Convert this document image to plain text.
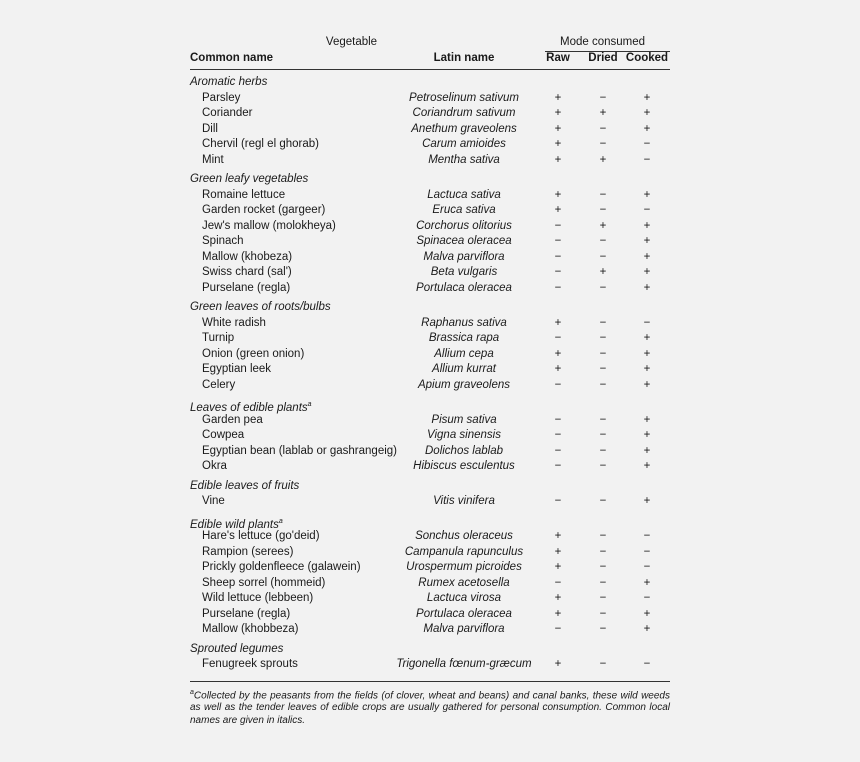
Vegetable	Mode consumed
Common name	Latin name	Raw Dried Cooked
Aromatic herbs
Parsley	Petroselinum sativum	+	−	+
Coriander	Coriandrum sativum	+	+	+
Dill	Anethum graveolens	+	−	+
Chervil (regl el ghorab)	Carum amioides	+	−	−
Mint	Mentha sativa	+	+	−
Green leafy vegetables
Romaine lettuce	Lactuca sativa	+	−	+
Garden rocket (gargeer)	Eruca sativa	+	−	−
Jew's mallow (molokheya)	Corchorus olitorius	−	+	+
Spinach	Spinacea oleracea	−	−	+
Mallow (khobeza)	Malva parviflora	−	−	+
Swiss chard (sal')	Beta vulgaris	−	+	+
Purselane (regla)	Portulaca oleracea	−	−	+
Green leaves of roots/bulbs
White radish	Raphanus sativa	+	−	−
Turnip	Brassica rapa	−	−	+
Onion (green onion)	Allium cepa	+	−	+
Egyptian leek	Allium kurrat	+	−	+
Celery	Apium graveolens	−	−	+
Leaves of edible plants$^a$
Garden pea	Pisum sativa	−	−	+
Cowpea	Vigna sinensis	−	−	+
Egyptian bean (lablab or gashrangeig)	Dolichos lablab	−	−	+
Okra	Hibiscus esculentus	−	−	+
Edible leaves of fruits
Vine	Vitis vinifera	−	−	+
Edible wild plants$^a$
Hare's lettuce (go'deid)	Sonchus oleraceus	+	−	−
Rampion (serees)	Campanula rapunculus	+	−	−
Prickly goldenfleece (galawein)	Urospermum picroides	+	−	−
Sheep sorrel (hommeid)	Rumex acetosella	−	−	+
Wild lettuce (lebbeen)	Lactuca virosa	+	−	−
Purselane (regla)	Portulaca oleracea	+	−	+
Mallow (khobbeza)	Malva parviflora	−	−	+
Sprouted legumes
Fenugreek sprouts	Trigonella fœnum-græcum	+	−	−
$^a$Collected by the peasants from the fields (of clover, wheat and beans) and canal banks, these wild weeds as well as the tender leaves of edible crops are usually gathered for personal consumption. Common local names are given in italics.
